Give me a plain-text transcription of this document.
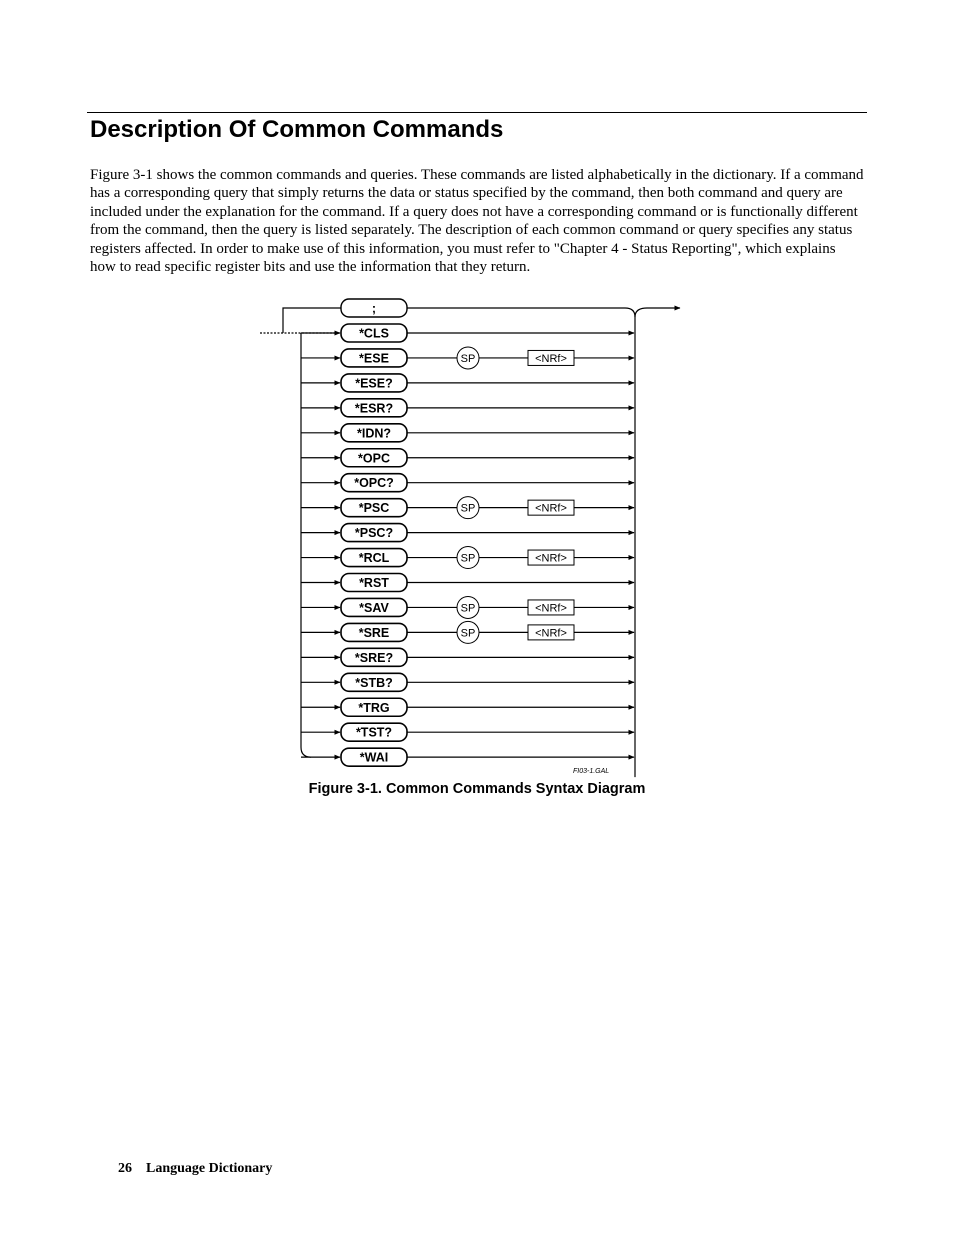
Description Of Common Commands

Figure 3-1 shows the common commands and queries. These commands are listed alphabetically in the dictionary. If a command has a corresponding query that simply returns the data or status specified by the command, then both command and query are included under the explanation for the command. If a query does not have a corresponding command or is functionally different from the command, then the query is listed separately. The description of each common command or query specifies any status registers affected. In order to make use of this information, you must refer to "Chapter 4 - Status Reporting", which explains how to read specific register bits and use the information that they return.

*CLS
*ESE	SP	<NRf>
*ESE?
*ESR?
*IDN?
*OPC
*OPC?
*PSC	SP	<NRf>
*PSC?
*RCL	SP	<NRf>
*RST
*SAV	SP	<NRf>
*SRE	SP	<NRf>
*SRE?
*STB?
*TRG
*TST?
*WAI
;
FI03-1.GAL

Figure 3-1. Common Commands Syntax Diagram

26 Language Dictionary
